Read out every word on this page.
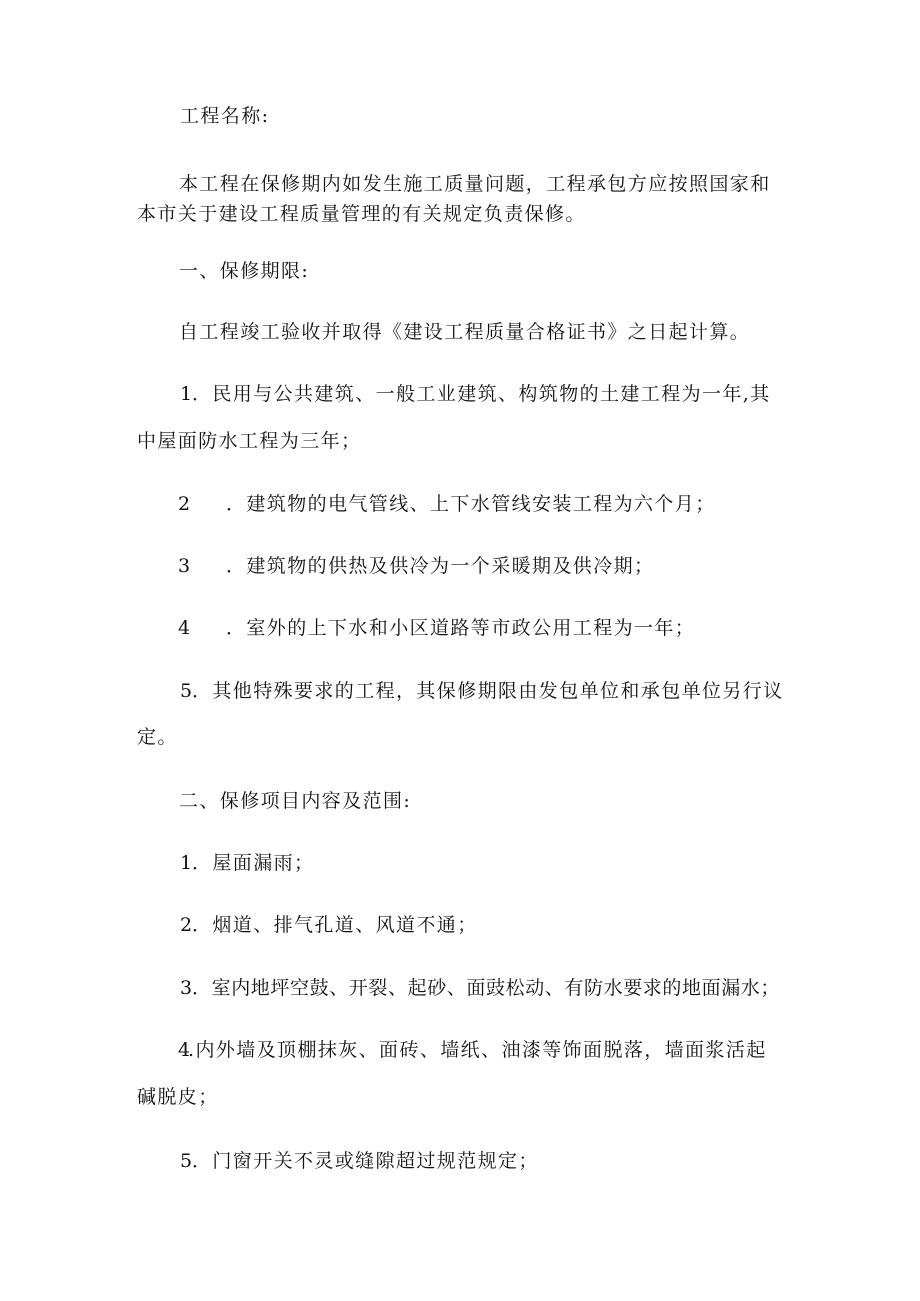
工程名称:
本工程在保修期内如发生施工质量问题，工程承包方应按照国家和
本市关于建设工程质量管理的有关规定负责保修。
一、保修期限:
自工程竣工验收并取得《建设工程质量合格证书》之日起计算。
1 ．民用与公共建筑、一般工业建筑、构筑物的土建工程为一年,其
中屋面防水工程为三年；
2 ．建筑物的电气管线、上下水管线安装工程为六个月；
3 ．建筑物的供热及供冷为一个采暖期及供冷期；
4 ．室外的上下水和小区道路等市政公用工程为一年；
5 ．其他特殊要求的工程，其保修期限由发包单位和承包单位另行议
定。
二、保修项目内容及范围:
1 ．屋面漏雨；
2 ．烟道、排气孔道、风道不通；
3 ．室内地坪空鼓、开裂、起砂、面豉松动、有防水要求的地面漏水；
4
.内外墙及顶棚抹灰、面砖、墙纸、油漆等饰面脱落，墙面浆活起
碱脱皮；
5 ．门窗开关不灵或缝隙超过规范规定；
